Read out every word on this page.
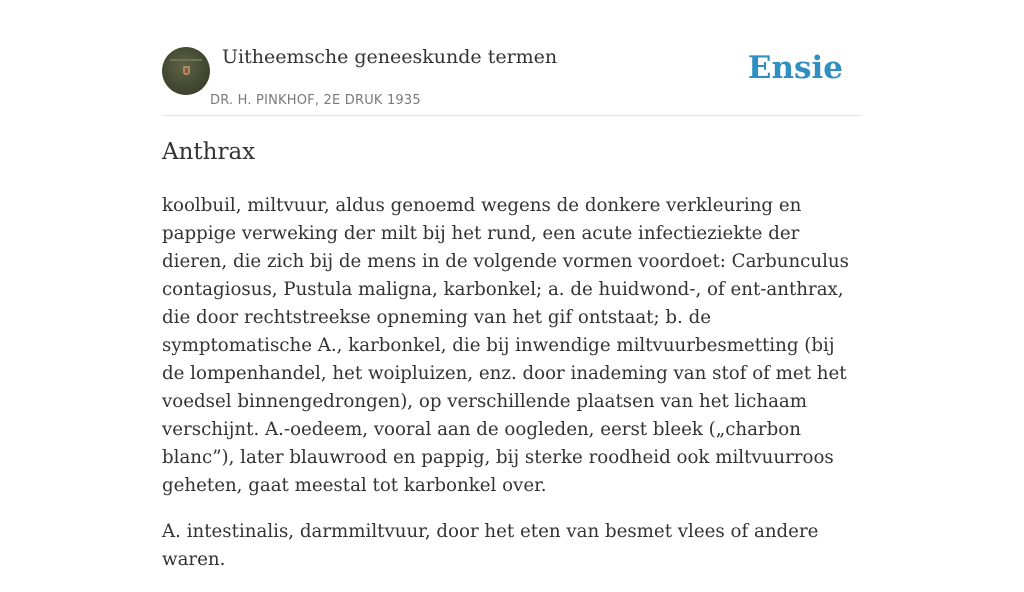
Uitheemsche geneeskunde termen
DR. H. PINKHOF, 2E DRUK 1935
Ensie
Anthrax

koolbuil, miltvuur, aldus genoemd wegens de donkere verkleuring en pappige verweking der milt bij het rund, een acute infectieziekte der dieren, die zich bij de mens in de volgende vormen voordoet: Carbunculus contagiosus, Pustula maligna, karbonkel; a. de huidwond-, of ent-anthrax, die door rechtstreekse opneming van het gif ontstaat; b. de symptomatische A., karbonkel, die bij inwendige miltvuurbesmetting (bij de lompenhandel, het woipluizen, enz. door inademing van stof of met het voedsel binnengedrongen), op verschillende plaatsen van het lichaam verschijnt. A.-oedeem, vooral aan de oogleden, eerst bleek („charbon blanc”), later blauwrood en pappig, bij sterke roodheid ook miltvuurroos geheten, gaat meestal tot karbonkel over.

A. intestinalis, darmmiltvuur, door het eten van besmet vlees of andere waren.
